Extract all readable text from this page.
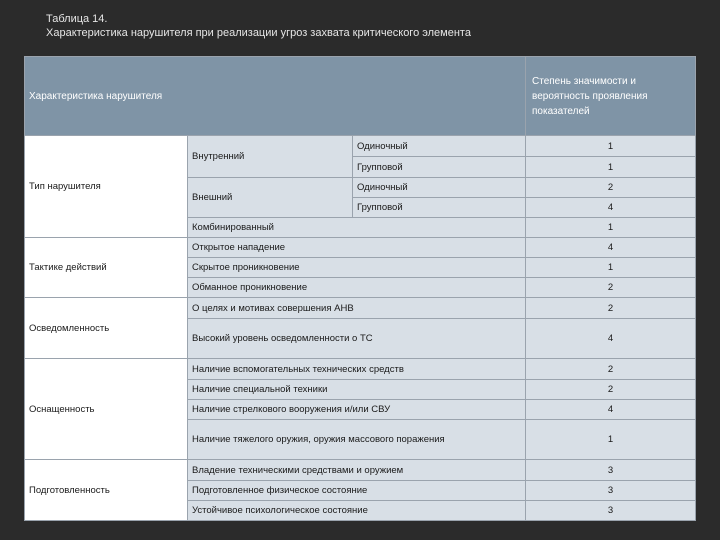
Таблица 14.
Характеристика нарушителя при реализации угроз захвата критического элемента
Характеристика нарушителя			Степень значимости и вероятность проявления показателей
Тип нарушителя	Внутренний	Одиночный	1
		Групповой	1
	Внешний	Одиночный	2
		Групповой	4
	Комбинированный		1
Тактике действий	Открытое нападение		4
	Скрытое проникновение		1
	Обманное проникновение		2
Осведомленность	О целях и мотивах совершения АНВ		2
	Высокий уровень осведомленности о ТС		4
Оснащенность	Наличие вспомогательных технических средств		2
	Наличие специальной техники		2
	Наличие стрелкового вооружения и/или СВУ		4
	Наличие тяжелого оружия, оружия массового поражения		1
Подготовленность	Владение техническими средствами и оружием		3
	Подготовленное физическое состояние		3
	Устойчивое психологическое состояние		3
